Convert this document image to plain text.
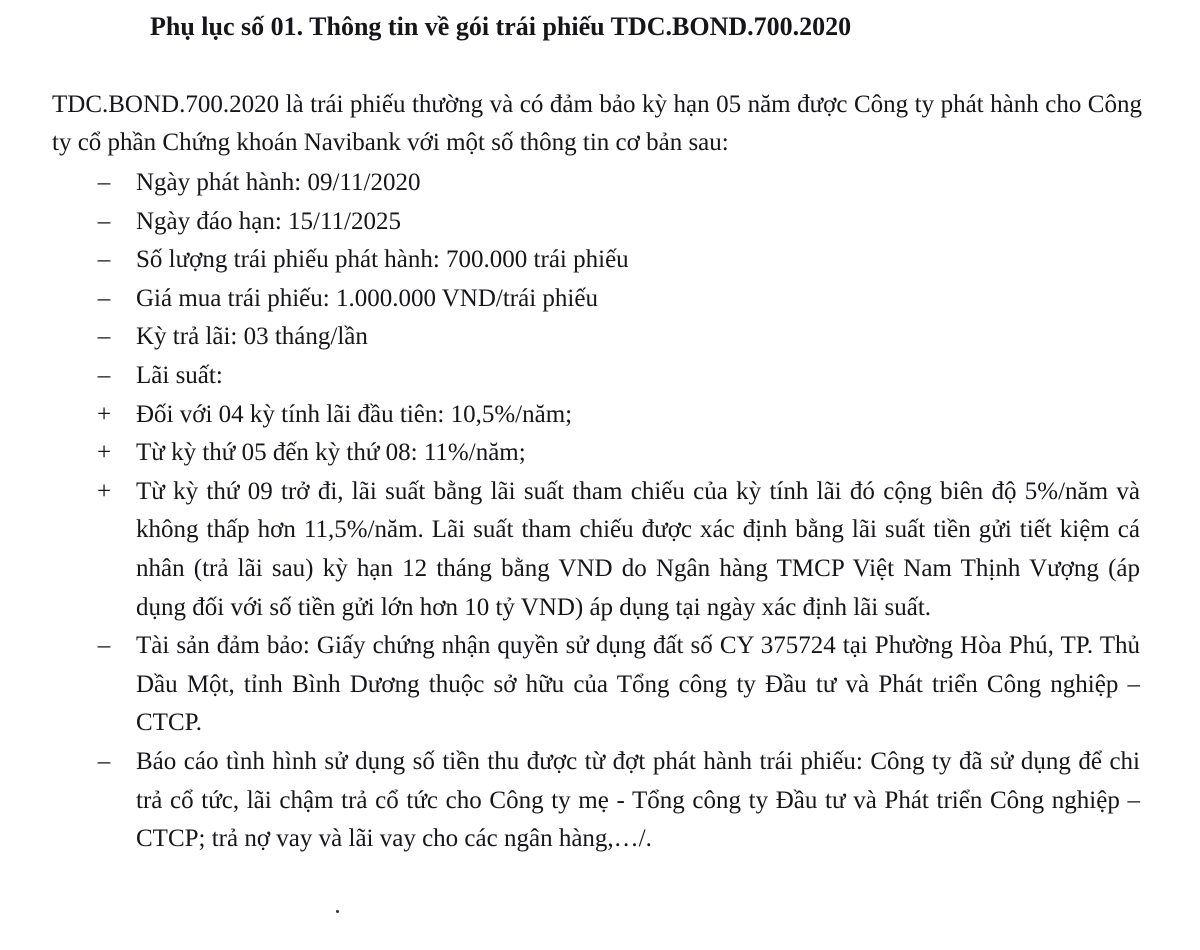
Phụ lục số 01. Thông tin về gói trái phiếu TDC.BOND.700.2020

TDC.BOND.700.2020 là trái phiếu thường và có đảm bảo kỳ hạn 05 năm được Công ty phát hành cho Công ty cổ phần Chứng khoán Navibank với một số thông tin cơ bản sau:

– Ngày phát hành: 09/11/2020
– Ngày đáo hạn: 15/11/2025
– Số lượng trái phiếu phát hành: 700.000 trái phiếu
– Giá mua trái phiếu: 1.000.000 VND/trái phiếu
– Kỳ trả lãi: 03 tháng/lần
– Lãi suất:
+ Đối với 04 kỳ tính lãi đầu tiên: 10,5%/năm;
+ Từ kỳ thứ 05 đến kỳ thứ 08: 11%/năm;
+ Từ kỳ thứ 09 trở đi, lãi suất bằng lãi suất tham chiếu của kỳ tính lãi đó cộng biên độ 5%/năm và không thấp hơn 11,5%/năm. Lãi suất tham chiếu được xác định bằng lãi suất tiền gửi tiết kiệm cá nhân (trả lãi sau) kỳ hạn 12 tháng bằng VND do Ngân hàng TMCP Việt Nam Thịnh Vượng (áp dụng đối với số tiền gửi lớn hơn 10 tỷ VND) áp dụng tại ngày xác định lãi suất.
– Tài sản đảm bảo: Giấy chứng nhận quyền sử dụng đất số CY 375724 tại Phường Hòa Phú, TP. Thủ Dầu Một, tỉnh Bình Dương thuộc sở hữu của Tổng công ty Đầu tư và Phát triển Công nghiệp – CTCP.
– Báo cáo tình hình sử dụng số tiền thu được từ đợt phát hành trái phiếu: Công ty đã sử dụng để chi trả cổ tức, lãi chậm trả cổ tức cho Công ty mẹ - Tổng công ty Đầu tư và Phát triển Công nghiệp – CTCP; trả nợ vay và lãi vay cho các ngân hàng,…/.
